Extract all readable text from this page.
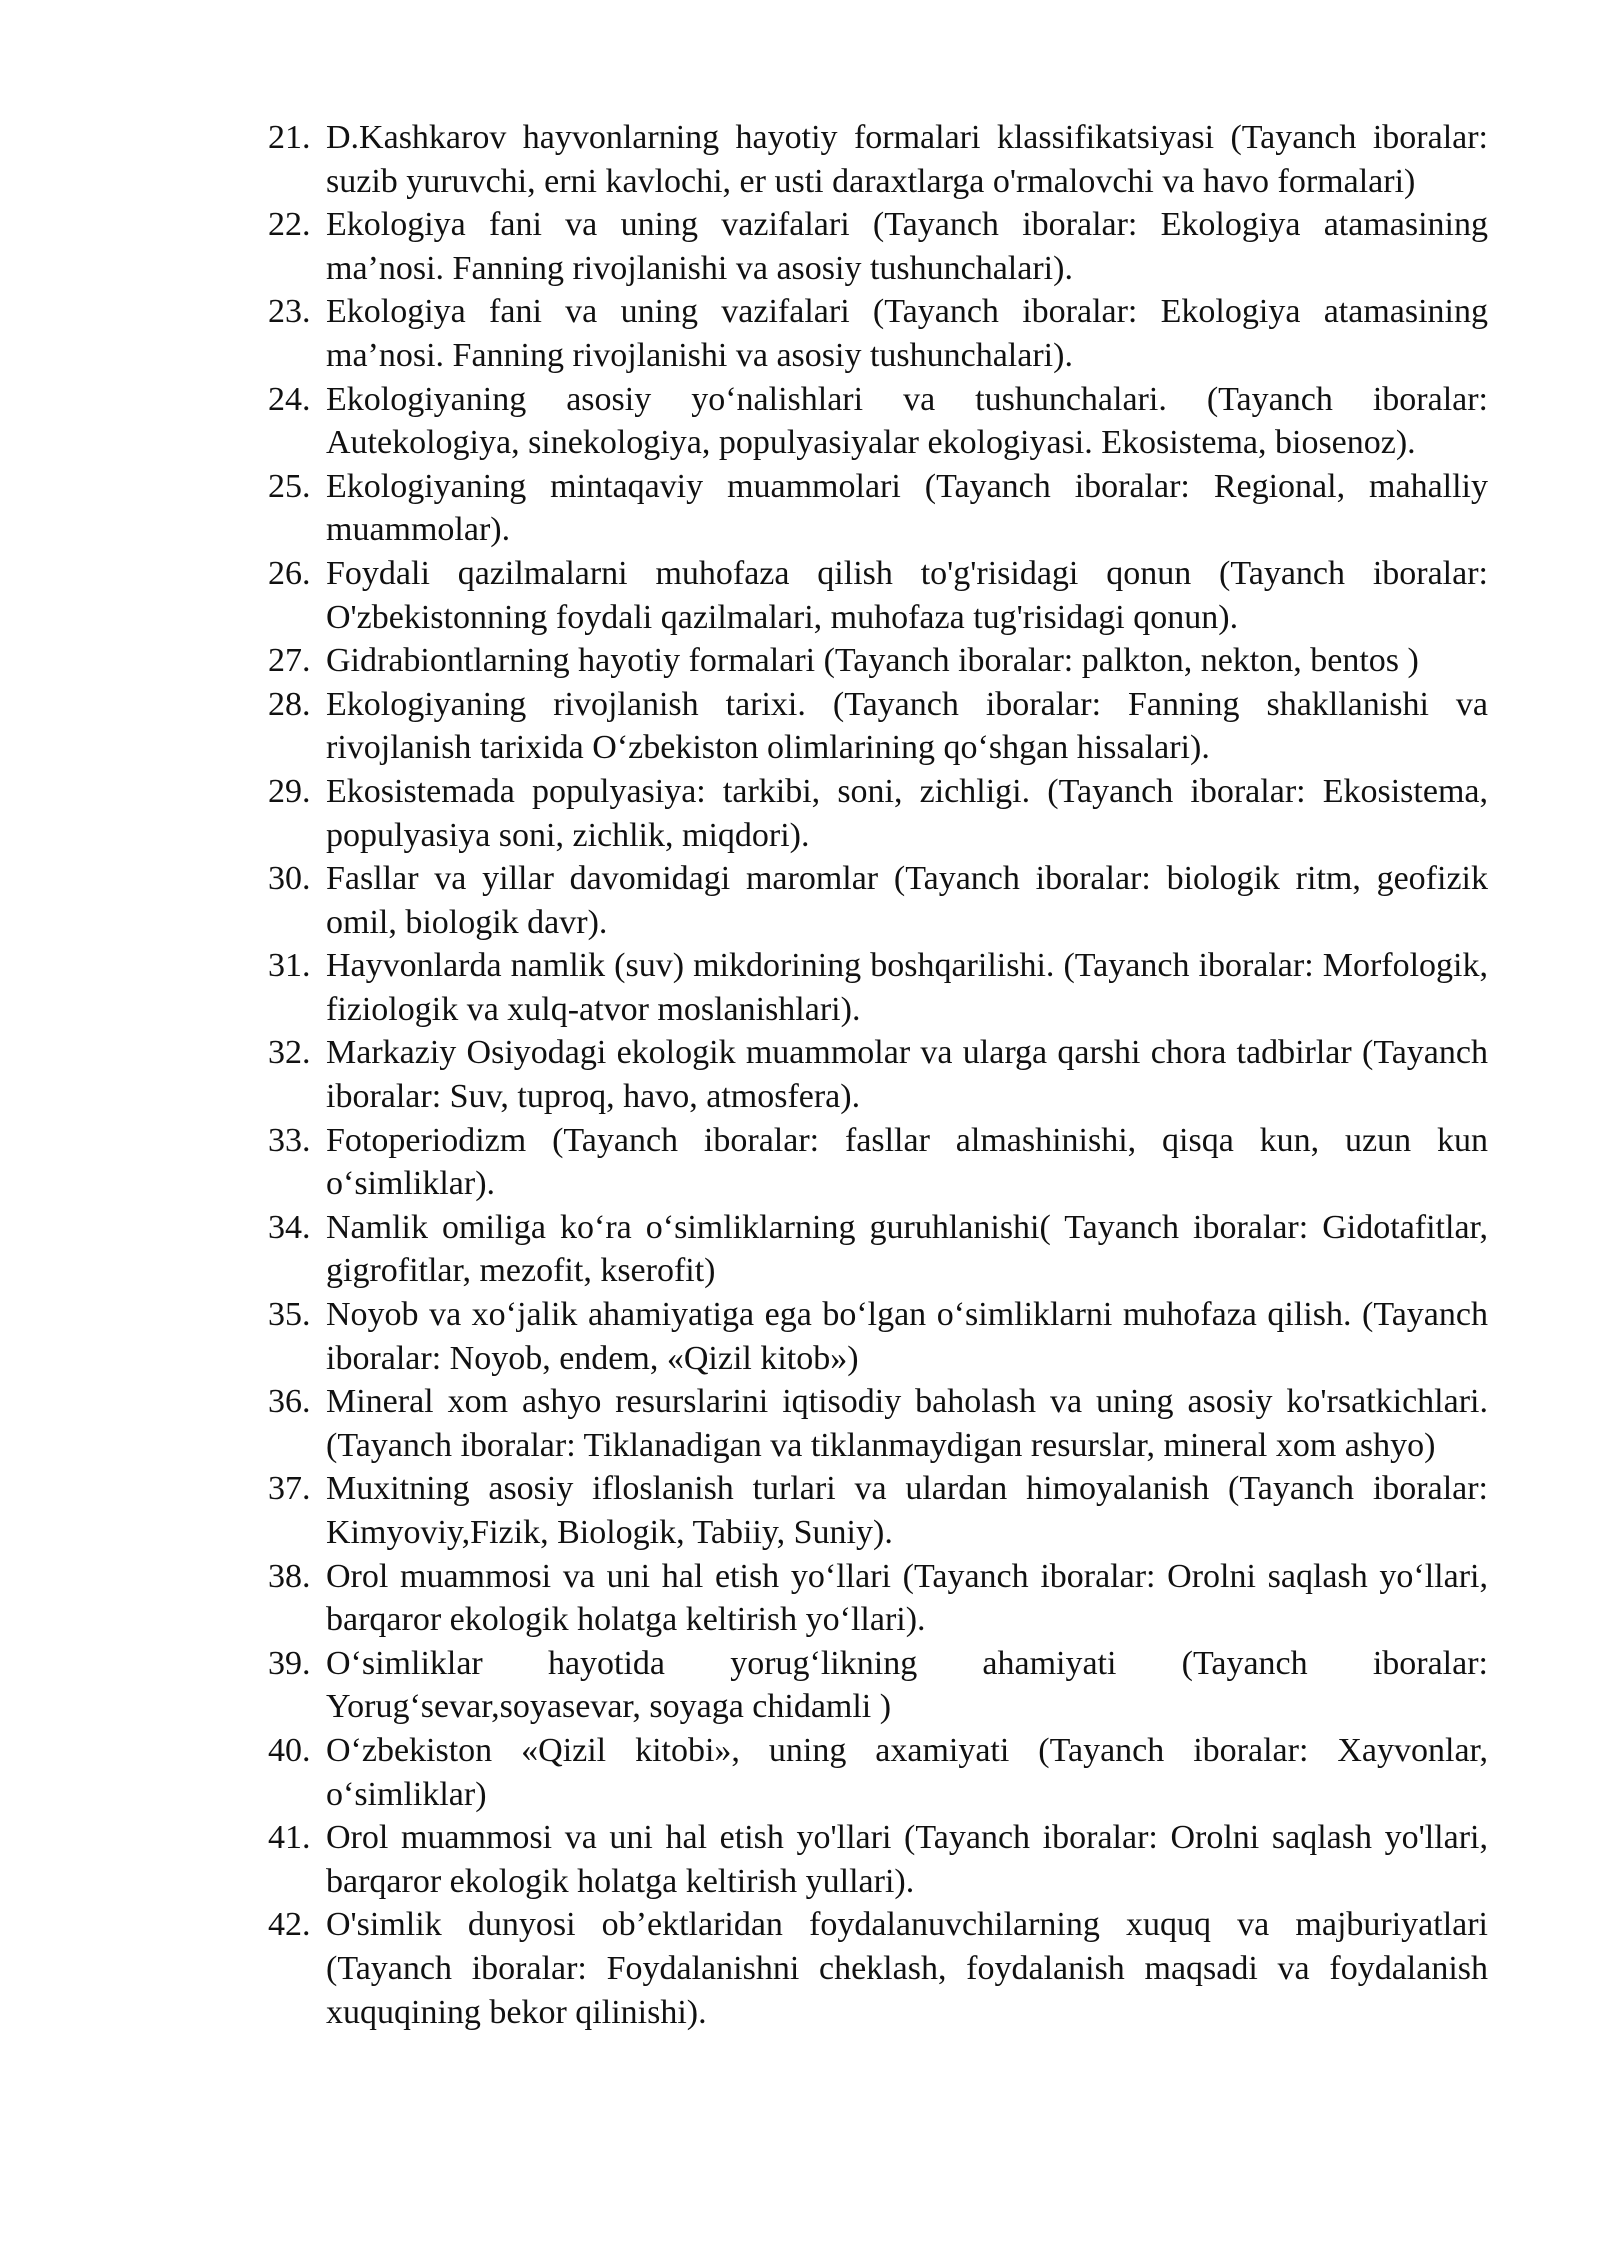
21. D.Kashkarov hayvonlarning hayotiy formalari klassifikatsiyasi (Tayanch iboralar: suzib yuruvchi, erni kavlochi, er usti daraxtlarga o'rmalovchi va havo formalari)
22. Ekologiya fani va uning vazifalari (Tayanch iboralar: Ekologiya atamasining ma’nosi. Fanning rivojlanishi va asosiy tushunchalari).
23. Ekologiya fani va uning vazifalari (Tayanch iboralar: Ekologiya atamasining ma’nosi. Fanning rivojlanishi va asosiy tushunchalari).
24. Ekologiyaning asosiy yo‘nalishlari va tushunchalari. (Tayanch iboralar: Autekologiya, sinekologiya, populyasiyalar ekologiyasi. Ekosistema, biosenoz).
25. Ekologiyaning mintaqaviy muammolari (Tayanch iboralar: Regional, mahalliy muammolar).
26. Foydali qazilmalarni muhofaza qilish to'g'risidagi qonun (Tayanch iboralar: O'zbekistonning foydali qazilmalari, muhofaza tug'risidagi qonun).
27. Gidrabiontlarning hayotiy formalari (Tayanch iboralar: palkton, nekton, bentos )
28. Ekologiyaning rivojlanish tarixi. (Tayanch iboralar: Fanning shakllanishi va rivojlanish tarixida O‘zbekiston olimlarining qo‘shgan hissalari).
29. Ekosistemada populyasiya: tarkibi, soni, zichligi. (Tayanch iboralar: Ekosistema, populyasiya soni, zichlik, miqdori).
30. Fasllar va yillar davomidagi maromlar (Tayanch iboralar: biologik ritm, geofizik omil, biologik davr).
31. Hayvonlarda namlik (suv) mikdorining boshqarilishi. (Tayanch iboralar: Morfologik, fiziologik va xulq-atvor moslanishlari).
32. Markaziy Osiyodagi ekologik muammolar va ularga qarshi chora tadbirlar (Tayanch iboralar: Suv, tuproq, havo, atmosfera).
33. Fotoperiodizm (Tayanch iboralar: fasllar almashinishi, qisqa kun, uzun kun o‘simliklar).
34. Namlik omiliga ko‘ra o‘simliklarning guruhlanishi( Tayanch iboralar: Gidotafitlar, gigrofitlar, mezofit, kserofit)
35. Noyob va xo‘jalik ahamiyatiga ega bo‘lgan o‘simliklarni muhofaza qilish. (Tayanch iboralar: Noyob, endem, «Qizil kitob»)
36. Mineral xom ashyo resurslarini iqtisodiy baholash va uning asosiy ko'rsatkichlari. (Tayanch iboralar: Tiklanadigan va tiklanmaydigan resurslar, mineral xom ashyo)
37. Muxitning asosiy ifloslanish turlari va ulardan himoyalanish (Tayanch iboralar: Kimyoviy,Fizik, Biologik, Tabiiy, Suniy).
38. Orol muammosi va uni hal etish yo‘llari (Tayanch iboralar: Orolni saqlash yo‘llari, barqaror ekologik holatga keltirish yo‘llari).
39. O‘simliklar hayotida yorug‘likning ahamiyati (Tayanch iboralar: Yorug‘sevar,soyasevar, soyaga chidamli )
40. O‘zbekiston «Qizil kitobi», uning axamiyati (Tayanch iboralar: Xayvonlar, o‘simliklar)
41. Orol muammosi va uni hal etish yo'llari (Tayanch iboralar: Orolni saqlash yo'llari, barqaror ekologik holatga keltirish yullari).
42. O'simlik dunyosi ob’ektlaridan foydalanuvchilarning xuquq va majburiyatlari (Tayanch iboralar: Foydalanishni cheklash, foydalanish maqsadi va foydalanish xuquqining bekor qilinishi).
